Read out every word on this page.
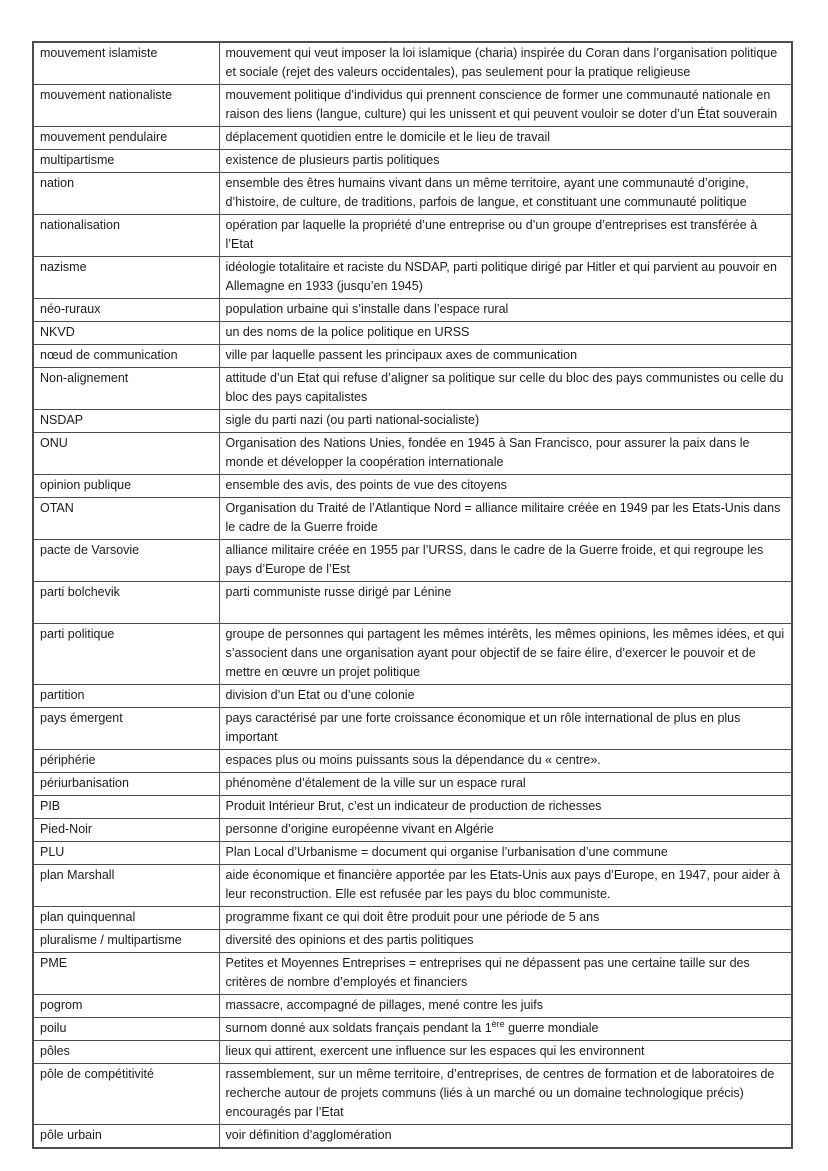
mouvement islamiste	mouvement qui veut imposer la loi islamique (charia) inspirée du Coran dans l’organisation politique et sociale (rejet des valeurs occidentales), pas seulement pour la pratique religieuse
mouvement nationaliste	mouvement politique d’individus qui prennent conscience de former une communauté nationale en raison des liens (langue, culture) qui les unissent et qui peuvent vouloir se doter d’un État souverain
mouvement pendulaire	déplacement quotidien entre le domicile et le lieu de travail
multipartisme	existence de plusieurs partis politiques
nation	ensemble des êtres humains vivant dans un même territoire, ayant une communauté d’origine, d’histoire, de culture, de traditions, parfois de langue, et constituant une communauté politique
nationalisation	opération par laquelle la propriété d’une entreprise ou d’un groupe d’entreprises est transférée à l’Etat
nazisme	idéologie totalitaire et raciste du NSDAP, parti politique dirigé par Hitler et qui parvient au pouvoir en Allemagne en 1933 (jusqu’en 1945)
néo-ruraux	population urbaine qui s’installe dans l’espace rural
NKVD	un des noms de la police politique en URSS
nœud de communication	ville par laquelle passent les principaux axes de communication
Non-alignement	attitude d’un Etat qui refuse d’aligner sa politique sur celle du bloc des pays communistes ou celle du bloc des pays capitalistes
NSDAP	sigle du parti nazi (ou parti national-socialiste)
ONU	Organisation des Nations Unies, fondée en 1945 à San Francisco, pour assurer la paix dans le monde et développer la coopération internationale
opinion publique	ensemble des avis, des points de vue des citoyens
OTAN	Organisation du Traité de l’Atlantique Nord = alliance militaire créée en 1949 par les Etats-Unis dans le cadre de la Guerre froide
pacte de Varsovie	alliance militaire créée en 1955 par l’URSS, dans le cadre de la Guerre froide, et qui regroupe les pays d’Europe de l’Est
parti bolchevik	parti communiste russe dirigé par Lénine
parti politique	groupe de personnes qui partagent les mêmes intérêts, les mêmes opinions, les mêmes idées, et qui s’associent dans une organisation ayant pour objectif de se faire élire, d’exercer le pouvoir et de mettre en œuvre un projet politique
partition	division d’un Etat ou d’une colonie
pays émergent	pays caractérisé par une forte croissance économique et un rôle international de plus en plus important
périphérie	espaces plus ou moins puissants sous la dépendance du « centre».
périurbanisation	phénomène d’étalement de la ville sur un espace rural
PIB	Produit Intérieur Brut, c’est un indicateur de production de richesses
Pied-Noir	personne d’origine européenne vivant en Algérie
PLU	Plan Local d’Urbanisme = document qui organise l’urbanisation d’une commune
plan Marshall	aide économique et financière apportée par les Etats-Unis aux pays d’Europe, en 1947, pour aider à leur reconstruction. Elle est refusée par les pays du bloc communiste.
plan quinquennal	programme fixant ce qui doit être produit pour une période de 5 ans
pluralisme / multipartisme	diversité des opinions et des partis politiques
PME	Petites et Moyennes Entreprises = entreprises qui ne dépassent pas une certaine taille sur des critères de nombre d’employés et financiers
pogrom	massacre, accompagné de pillages, mené contre les juifs
poilu	surnom donné aux soldats français pendant la 1ère guerre mondiale
pôles	lieux qui attirent, exercent une influence sur les espaces qui les environnent
pôle de compétitivité	rassemblement, sur un même territoire, d’entreprises, de centres de formation et de laboratoires de recherche autour de projets communs (liés à un marché ou un domaine technologique précis) encouragés par l’Etat
pôle urbain	voir définition d’agglomération
